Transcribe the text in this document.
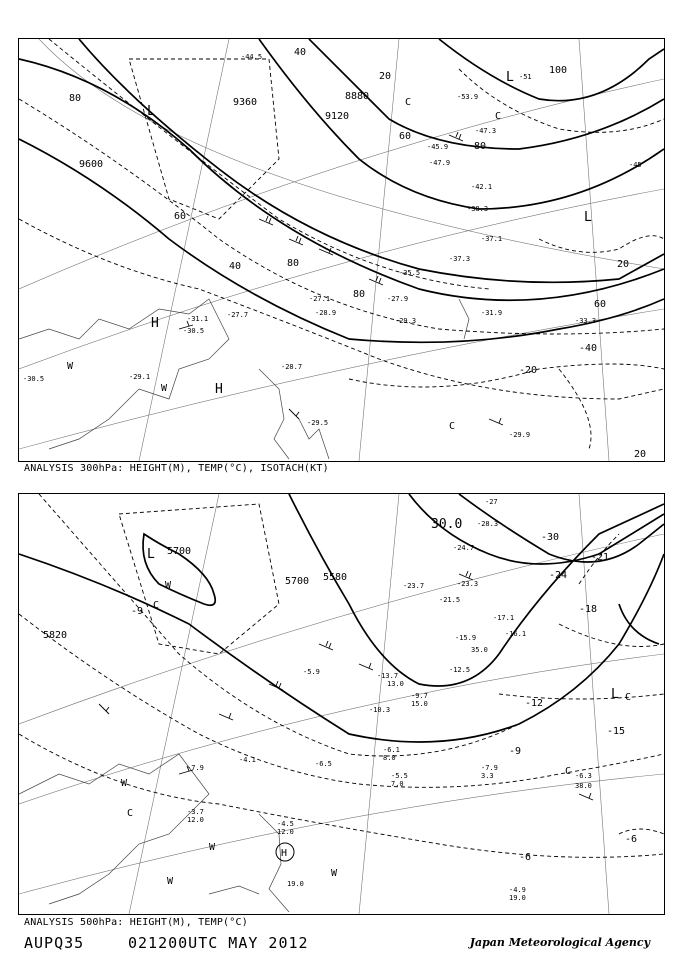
9360
8880
9120
9600
80
60
40
20
100
80
60
80
80
40
60
-40
-20
20
20
L
L
L
C
C
H
H
W
W
C
-45.9
-47.9
-42.1
-38.3
-37.1
-35.5
-37.3
-27.9
-31.9
-29.3	-33.3
-27.1
-28.9
-27.7
-31.1
-30.5
-28.7
-29.5
-29.9
-29.1
-30.5
-44.5
-53.9
-47.3
-51
-45
ANALYSIS 300hPa: HEIGHT(M), TEMP(°C), ISOTACH(KT)
5700
5700 5580
5820
-30
-24
-21
-18
-15
-12
-9
-6
-6
-9
L
L C
W
C
C
W
W
H
W
W
C
-27
-28.3
-24.7
-23.3
-23.7
-21.5
-17.1
-15.9	-16.1
-12.5
-13.7
-10.3
-9.7
-6.1
-5.5
-7.9
-6.3
-4.9
-4.5
-3.7
-7.9	-6.5
-5.9
-4.1
38.0
35.0
19.0
13.0
12.0
3.3
7.0
8.0
12.0
15.0
30.0
19.0
ANALYSIS 500hPa: HEIGHT(M), TEMP(°C)
AUPQ35	021200UTC MAY 2012	Japan Meteorological Agency
